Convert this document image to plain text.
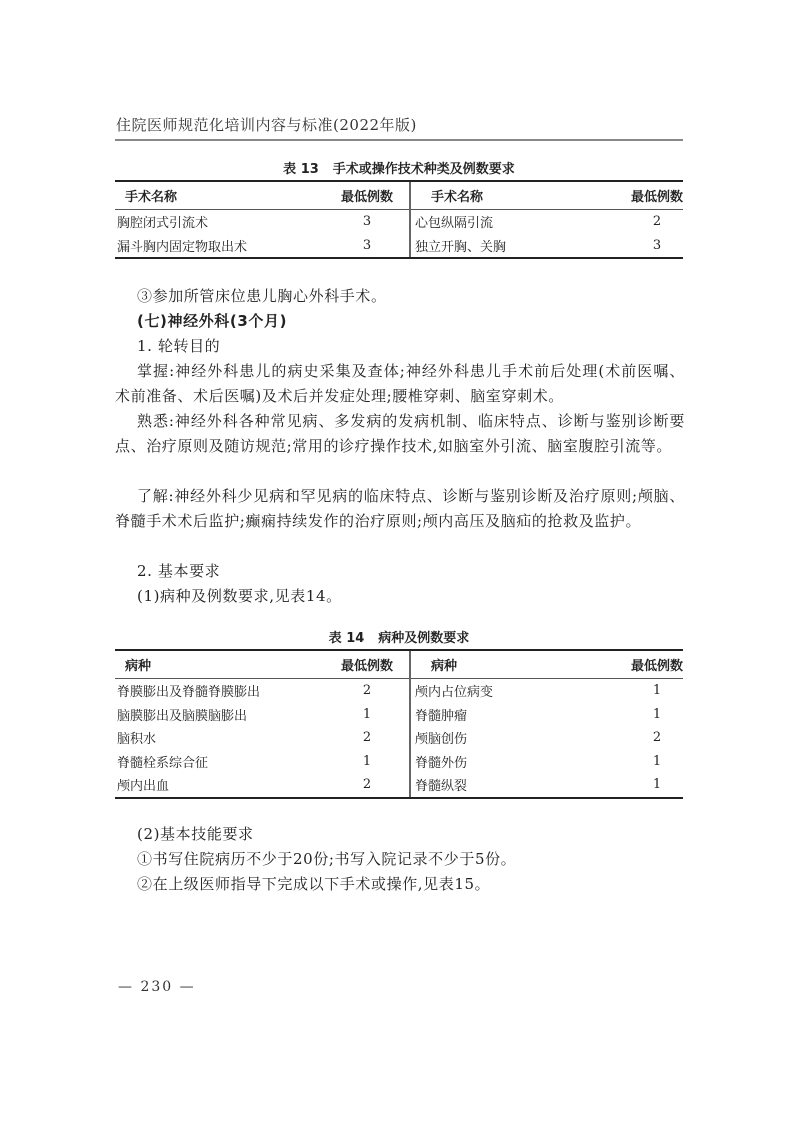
住院医师规范化培训内容与标准(2022年版)
表 13 手术或操作技术种类及例数要求
手术名称	最低例数	手术名称	最低例数
胸腔闭式引流术	3	心包纵隔引流	2
漏斗胸内固定物取出术	3	独立开胸、关胸	3
③参加所管床位患儿胸心外科手术。
(七)神经外科(3个月)
1. 轮转目的
掌握:神经外科患儿的病史采集及查体;神经外科患儿手术前后处理(术前医嘱、术前准备、术后医嘱)及术后并发症处理;腰椎穿刺、脑室穿刺术。
熟悉:神经外科各种常见病、多发病的发病机制、临床特点、诊断与鉴别诊断要点、治疗原则及随访规范;常用的诊疗操作技术,如脑室外引流、脑室腹腔引流等。
了解:神经外科少见病和罕见病的临床特点、诊断与鉴别诊断及治疗原则;颅脑、脊髓手术术后监护;癫痫持续发作的治疗原则;颅内高压及脑疝的抢救及监护。
2. 基本要求
(1)病种及例数要求,见表14。
表 14 病种及例数要求
病种	最低例数	病种	最低例数
脊膜膨出及脊髓脊膜膨出	2	颅内占位病变	1
脑膜膨出及脑膜脑膨出	1	脊髓肿瘤	1
脑积水	2	颅脑创伤	2
脊髓栓系综合征	1	脊髓外伤	1
颅内出血	2	脊髓纵裂	1
(2)基本技能要求
①书写住院病历不少于20份;书写入院记录不少于5份。
②在上级医师指导下完成以下手术或操作,见表15。
— 230 —
